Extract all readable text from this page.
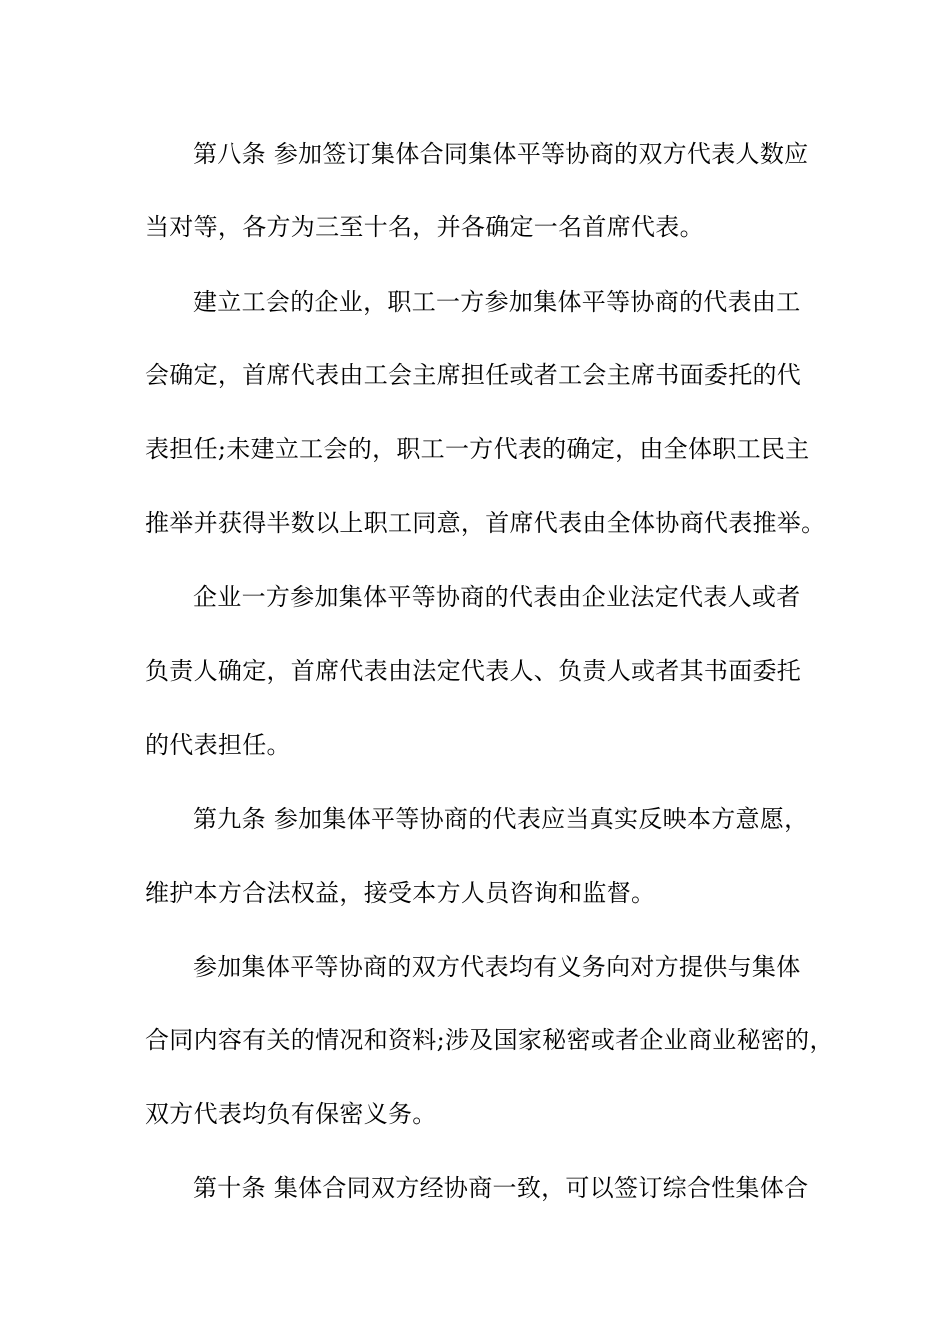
第八条 参加签订集体合同集体平等协商的双方代表人数应
当对等，各方为三至十名，并各确定一名首席代表。
建立工会的企业，职工一方参加集体平等协商的代表由工
会确定，首席代表由工会主席担任或者工会主席书面委托的代
表担任;未建立工会的，职工一方代表的确定，由全体职工民主
推举并获得半数以上职工同意，首席代表由全体协商代表推举。
企业一方参加集体平等协商的代表由企业法定代表人或者
负责人确定，首席代表由法定代表人、负责人或者其书面委托
的代表担任。
第九条 参加集体平等协商的代表应当真实反映本方意愿，
维护本方合法权益，接受本方人员咨询和监督。
参加集体平等协商的双方代表均有义务向对方提供与集体
合同内容有关的情况和资料;涉及国家秘密或者企业商业秘密的，
双方代表均负有保密义务。
第十条 集体合同双方经协商一致，可以签订综合性集体合
